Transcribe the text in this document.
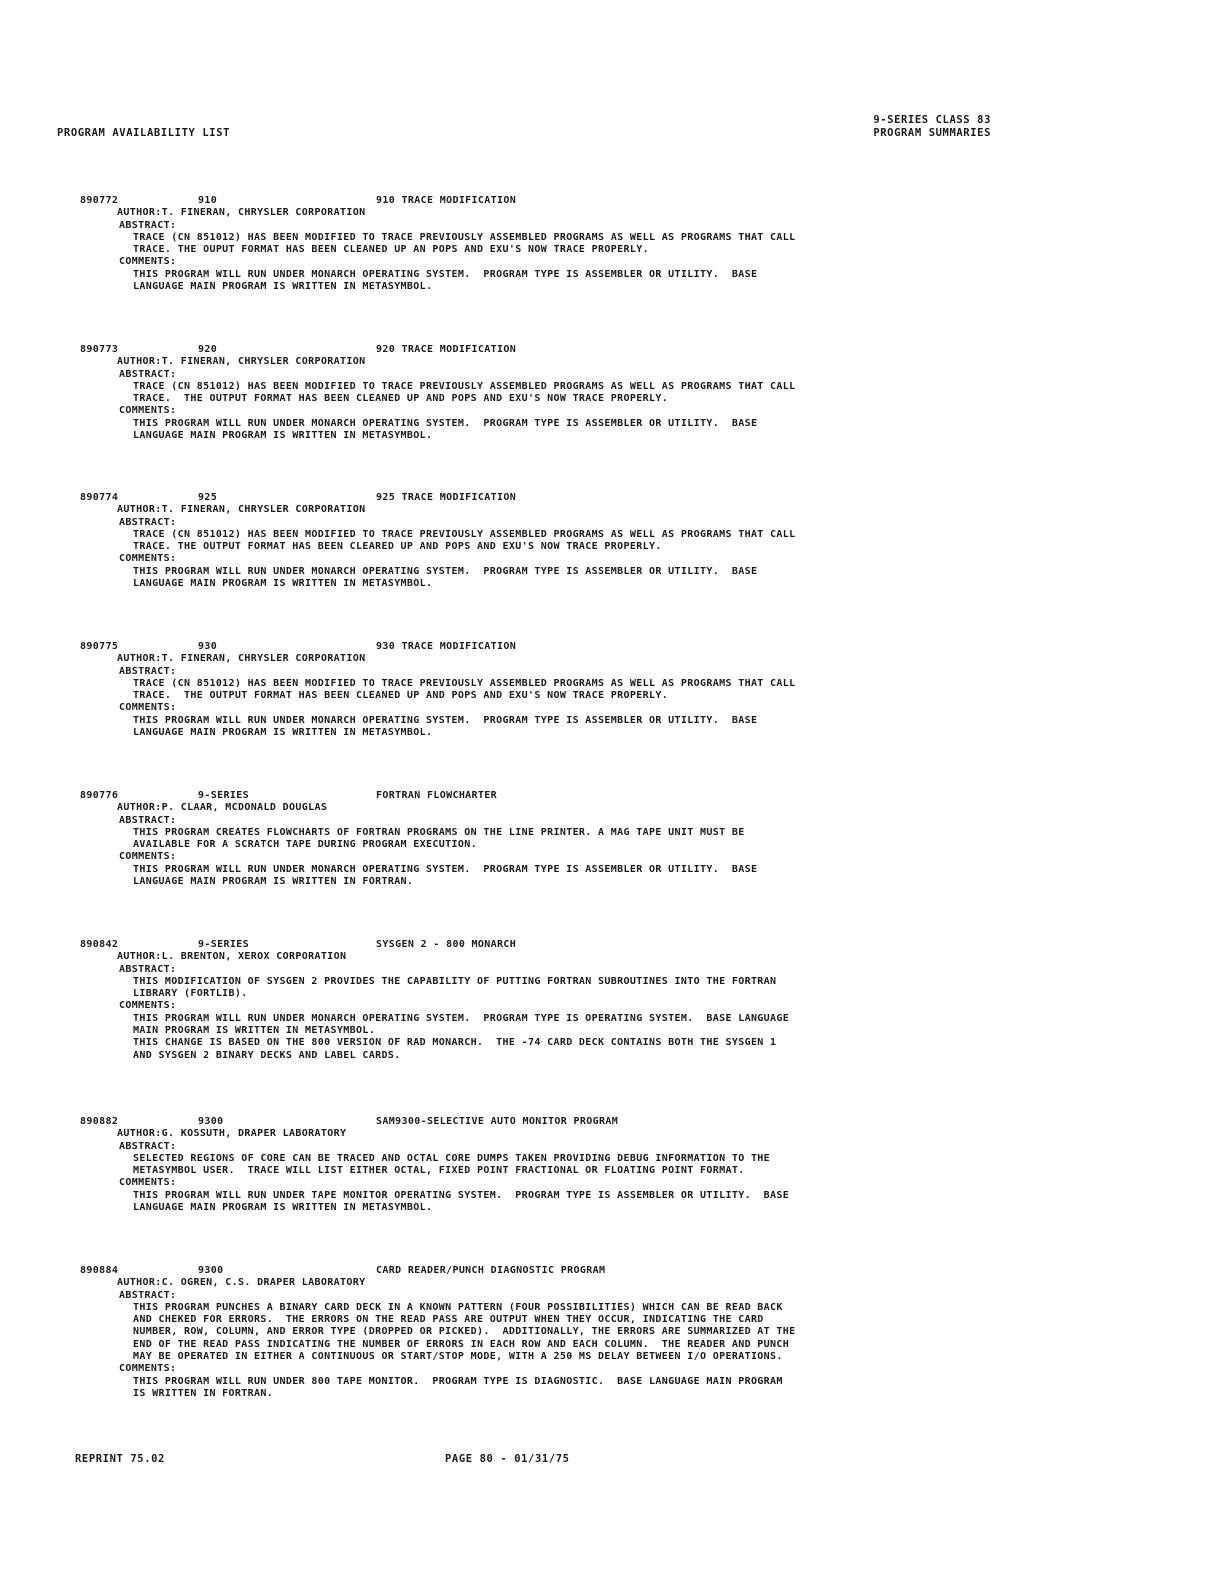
PROGRAM AVAILABILITY LIST
9-SERIES CLASS 83
PROGRAM SUMMARIES
890772	910	910 TRACE MODIFICATION
AUTHOR:T. FINERAN, CHRYSLER CORPORATION
ABSTRACT:
TRACE (CN 851012) HAS BEEN MODIFIED TO TRACE PREVIOUSLY ASSEMBLED PROGRAMS AS WELL AS PROGRAMS THAT CALL
TRACE. THE OUPUT FORMAT HAS BEEN CLEANED UP AN POPS AND EXU'S NOW TRACE PROPERLY.
COMMENTS:
THIS PROGRAM WILL RUN UNDER MONARCH OPERATING SYSTEM.  PROGRAM TYPE IS ASSEMBLER OR UTILITY.  BASE
LANGUAGE MAIN PROGRAM IS WRITTEN IN METASYMBOL.
890773	920	920 TRACE MODIFICATION
AUTHOR:T. FINERAN, CHRYSLER CORPORATION
ABSTRACT:
TRACE (CN 851012) HAS BEEN MODIFIED TO TRACE PREVIOUSLY ASSEMBLED PROGRAMS AS WELL AS PROGRAMS THAT CALL
TRACE.  THE OUTPUT FORMAT HAS BEEN CLEANED UP AND POPS AND EXU'S NOW TRACE PROPERLY.
COMMENTS:
THIS PROGRAM WILL RUN UNDER MONARCH OPERATING SYSTEM.  PROGRAM TYPE IS ASSEMBLER OR UTILITY.  BASE
LANGUAGE MAIN PROGRAM IS WRITTEN IN METASYMBOL.
890774	925	925 TRACE MODIFICATION
AUTHOR:T. FINERAN, CHRYSLER CORPORATION
ABSTRACT:
TRACE (CN 851012) HAS BEEN MODIFIED TO TRACE PREVIOUSLY ASSEMBLED PROGRAMS AS WELL AS PROGRAMS THAT CALL
TRACE. THE OUTPUT FORMAT HAS BEEN CLEARED UP AND POPS AND EXU'S NOW TRACE PROPERLY.
COMMENTS:
THIS PROGRAM WILL RUN UNDER MONARCH OPERATING SYSTEM.  PROGRAM TYPE IS ASSEMBLER OR UTILITY.  BASE
LANGUAGE MAIN PROGRAM IS WRITTEN IN METASYMBOL.
890775	930	930 TRACE MODIFICATION
AUTHOR:T. FINERAN, CHRYSLER CORPORATION
ABSTRACT:
TRACE (CN 851012) HAS BEEN MODIFIED TO TRACE PREVIOUSLY ASSEMBLED PROGRAMS AS WELL AS PROGRAMS THAT CALL
TRACE.  THE OUTPUT FORMAT HAS BEEN CLEANED UP AND POPS AND EXU'S NOW TRACE PROPERLY.
COMMENTS:
THIS PROGRAM WILL RUN UNDER MONARCH OPERATING SYSTEM.  PROGRAM TYPE IS ASSEMBLER OR UTILITY.  BASE
LANGUAGE MAIN PROGRAM IS WRITTEN IN METASYMBOL.
890776	9-SERIES	FORTRAN FLOWCHARTER
AUTHOR:P. CLAAR, MCDONALD DOUGLAS
ABSTRACT:
THIS PROGRAM CREATES FLOWCHARTS OF FORTRAN PROGRAMS ON THE LINE PRINTER. A MAG TAPE UNIT MUST BE
AVAILABLE FOR A SCRATCH TAPE DURING PROGRAM EXECUTION.
COMMENTS:
THIS PROGRAM WILL RUN UNDER MONARCH OPERATING SYSTEM.  PROGRAM TYPE IS ASSEMBLER OR UTILITY.  BASE
LANGUAGE MAIN PROGRAM IS WRITTEN IN FORTRAN.
890842	9-SERIES	SYSGEN 2 - 800 MONARCH
AUTHOR:L. BRENTON, XEROX CORPORATION
ABSTRACT:
THIS MODIFICATION OF SYSGEN 2 PROVIDES THE CAPABILITY OF PUTTING FORTRAN SUBROUTINES INTO THE FORTRAN
LIBRARY (FORTLIB).
COMMENTS:
THIS PROGRAM WILL RUN UNDER MONARCH OPERATING SYSTEM.  PROGRAM TYPE IS OPERATING SYSTEM.  BASE LANGUAGE
MAIN PROGRAM IS WRITTEN IN METASYMBOL.
THIS CHANGE IS BASED ON THE 800 VERSION OF RAD MONARCH.  THE -74 CARD DECK CONTAINS BOTH THE SYSGEN 1
AND SYSGEN 2 BINARY DECKS AND LABEL CARDS.
890882	9300	SAM9300-SELECTIVE AUTO MONITOR PROGRAM
AUTHOR:G. KOSSUTH, DRAPER LABORATORY
ABSTRACT:
SELECTED REGIONS OF CORE CAN BE TRACED AND OCTAL CORE DUMPS TAKEN PROVIDING DEBUG INFORMATION TO THE
METASYMBOL USER.  TRACE WILL LIST EITHER OCTAL, FIXED POINT FRACTIONAL OR FLOATING POINT FORMAT.
COMMENTS:
THIS PROGRAM WILL RUN UNDER TAPE MONITOR OPERATING SYSTEM.  PROGRAM TYPE IS ASSEMBLER OR UTILITY.  BASE
LANGUAGE MAIN PROGRAM IS WRITTEN IN METASYMBOL.
890884	9300	CARD READER/PUNCH DIAGNOSTIC PROGRAM
AUTHOR:C. OGREN, C.S. DRAPER LABORATORY
ABSTRACT:
THIS PROGRAM PUNCHES A BINARY CARD DECK IN A KNOWN PATTERN (FOUR POSSIBILITIES) WHICH CAN BE READ BACK
AND CHEKED FOR ERRORS.  THE ERRORS ON THE READ PASS ARE OUTPUT WHEN THEY OCCUR, INDICATING THE CARD
NUMBER, ROW, COLUMN, AND ERROR TYPE (DROPPED OR PICKED).  ADDITIONALLY, THE ERRORS ARE SUMMARIZED AT THE
END OF THE READ PASS INDICATING THE NUMBER OF ERRORS IN EACH ROW AND EACH COLUMN.  THE READER AND PUNCH
MAY BE OPERATED IN EITHER A CONTINUOUS OR START/STOP MODE, WITH A 250 MS DELAY BETWEEN I/O OPERATIONS.
COMMENTS:
THIS PROGRAM WILL RUN UNDER 800 TAPE MONITOR.  PROGRAM TYPE IS DIAGNOSTIC.  BASE LANGUAGE MAIN PROGRAM
IS WRITTEN IN FORTRAN.
REPRINT 75.02	PAGE 80 - 01/31/75
